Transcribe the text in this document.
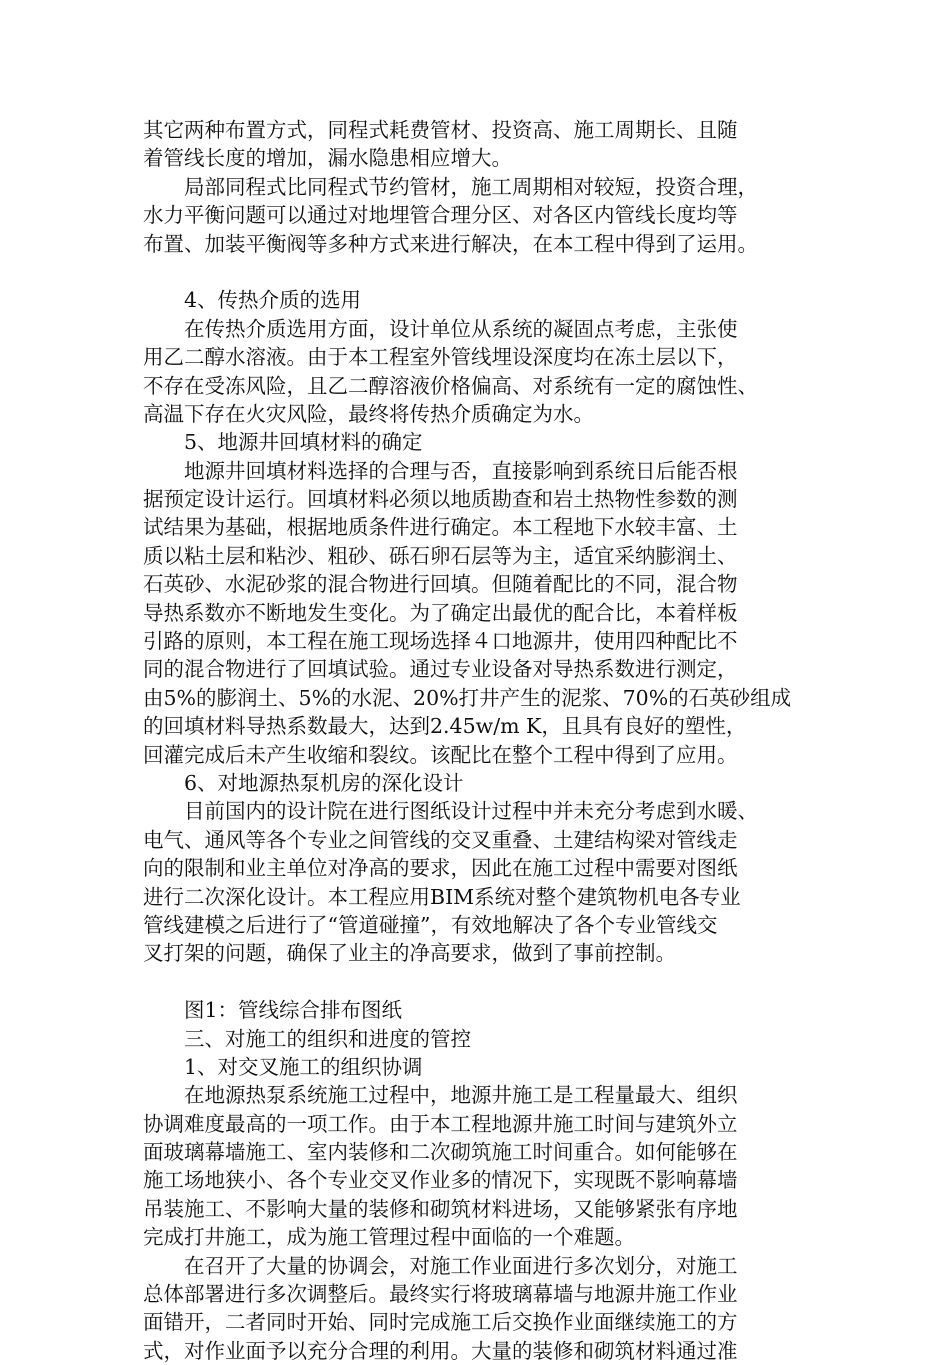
其它两种布置方式，同程式耗费管材、投资高、施工周期长、且随
着管线长度的增加，漏水隐患相应增大。
局部同程式比同程式节约管材，施工周期相对较短，投资合理，
水力平衡问题可以通过对地埋管合理分区、对各区内管线长度均等
布置、加装平衡阀等多种方式来进行解决，在本工程中得到了运用。
4、传热介质的选用
在传热介质选用方面，设计单位从系统的凝固点考虑，主张使
用乙二醇水溶液。由于本工程室外管线埋设深度均在冻土层以下，
不存在受冻风险，且乙二醇溶液价格偏高、对系统有一定的腐蚀性、
高温下存在火灾风险，最终将传热介质确定为水。
5、地源井回填材料的确定
地源井回填材料选择的合理与否，直接影响到系统日后能否根
据预定设计运行。回填材料必须以地质勘查和岩土热物性参数的测
试结果为基础，根据地质条件进行确定。本工程地下水较丰富、土
质以粘土层和粘沙、粗砂、砾石卵石层等为主，适宜采纳膨润土、
石英砂、水泥砂浆的混合物进行回填。但随着配比的不同，混合物
导热系数亦不断地发生变化。为了确定出最优的配合比，本着样板
引路的原则，本工程在施工现场选择４口地源井，使用四种配比不
同的混合物进行了回填试验。通过专业设备对导热系数进行测定，
由5%的膨润土、5%的水泥、20%打井产生的泥浆、70%的石英砂组成
的回填材料导热系数最大，达到2.45w/m K，且具有良好的塑性，
回灌完成后未产生收缩和裂纹。该配比在整个工程中得到了应用。
6、对地源热泵机房的深化设计
目前国内的设计院在进行图纸设计过程中并未充分考虑到水暖、
电气、通风等各个专业之间管线的交叉重叠、土建结构梁对管线走
向的限制和业主单位对净高的要求，因此在施工过程中需要对图纸
进行二次深化设计。本工程应用BIM系统对整个建筑物机电各专业
管线建模之后进行了“管道碰撞”，有效地解决了各个专业管线交
叉打架的问题，确保了业主的净高要求，做到了事前控制。
图1：管线综合排布图纸
三、对施工的组织和进度的管控
1、对交叉施工的组织协调
在地源热泵系统施工过程中，地源井施工是工程量最大、组织
协调难度最高的一项工作。由于本工程地源井施工时间与建筑外立
面玻璃幕墙施工、室内装修和二次砌筑施工时间重合。如何能够在
施工场地狭小、各个专业交叉作业多的情况下，实现既不影响幕墙
吊装施工、不影响大量的装修和砌筑材料进场，又能够紧张有序地
完成打井施工，成为施工管理过程中面临的一个难题。
在召开了大量的协调会，对施工作业面进行多次划分，对施工
总体部署进行多次调整后。最终实行将玻璃幕墙与地源井施工作业
面错开，二者同时开始、同时完成施工后交换作业面继续施工的方
式，对作业面予以充分合理的利用。大量的装修和砌筑材料通过准
